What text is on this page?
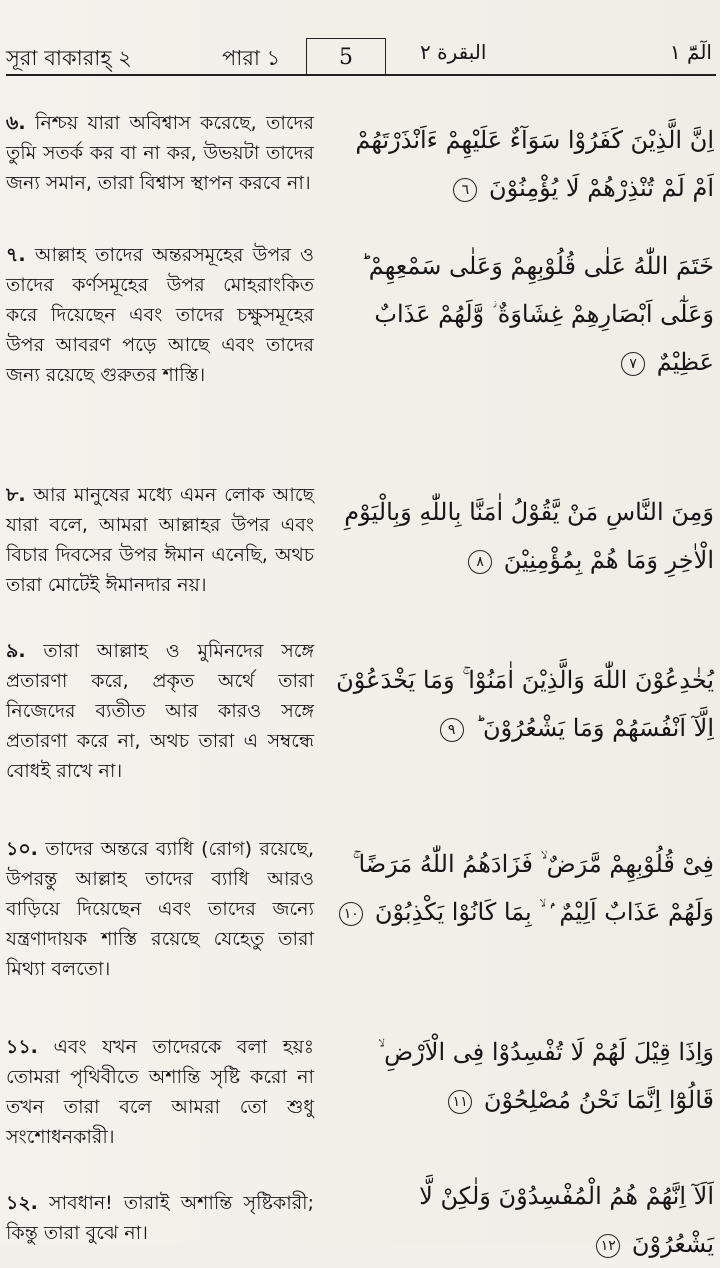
সূরা বাকারাহ্‌ ২	পারা ১	5	البقرة ٢	الٓمّٓ ١
৬. নিশ্চয় যারা অবিশ্বাস করেছে, তাদের তুমি সতর্ক কর বা না কর, উভয়টা তাদের জন্য সমান, তারা বিশ্বাস স্থাপন করবে না।
৭. আল্লাহ তাদের অন্তরসমূহের উপর ও তাদের কর্ণসমূহের উপর মোহরাংকিত করে দিয়েছেন এবং তাদের চক্ষুসমূহের উপর আবরণ পড়ে আছে এবং তাদের জন্য রয়েছে গুরুতর শাস্তি।
৮. আর মানুষের মধ্যে এমন লোক আছে যারা বলে, আমরা আল্লাহর উপর এবং বিচার দিবসের উপর ঈমান এনেছি, অথচ তারা মোটেই ঈমানদার নয়।
৯. তারা আল্লাহ ও মুমিনদের সঙ্গে প্রতারণা করে, প্রকৃত অর্থে তারা নিজেদের ব্যতীত আর কারও সঙ্গে প্রতারণা করে না, অথচ তারা এ সম্বন্ধে বোধই রাখে না।
১০. তাদের অন্তরে ব্যাধি (রোগ) রয়েছে, উপরন্তু আল্লাহ তাদের ব্যাধি আরও বাড়িয়ে দিয়েছেন এবং তাদের জন্যে যন্ত্রণাদায়ক শাস্তি রয়েছে যেহেতু তারা মিথ্যা বলতো।
১১. এবং যখন তাদেরকে বলা হয়ঃ তোমরা পৃথিবীতে অশান্তি সৃষ্টি করো না তখন তারা বলে আমরা তো শুধু সংশোধনকারী।
১২. সাবধান! তারাই অশান্তি সৃষ্টিকারী; কিন্তু তারা বুঝে না।
اِنَّ الَّذِيْنَ كَفَرُوْا سَوَآءٌ عَلَيْهِمْ ءَاَنْذَرْتَهُمْ اَمْ لَمْ تُنْذِرْهُمْ لَا يُؤْمِنُوْنَ ٦
خَتَمَ اللّٰهُ عَلٰى قُلُوْبِهِمْ وَعَلٰى سَمْعِهِمْ ؕ وَعَلٰٓى اَبْصَارِهِمْ غِشَاوَةٌ ؗ وَّلَهُمْ عَذَابٌ عَظِيْمٌ ٧
وَمِنَ النَّاسِ مَنْ يَّقُوْلُ اٰمَنَّا بِاللّٰهِ وَبِالْيَوْمِ الْاٰخِرِ وَمَا هُمْ بِمُؤْمِنِيْنَ ٨
يُخٰدِعُوْنَ اللّٰهَ وَالَّذِيْنَ اٰمَنُوْا ۚ وَمَا يَخْدَعُوْنَ اِلَّآ اَنْفُسَهُمْ وَمَا يَشْعُرُوْنَ ؕ ٩
فِىْ قُلُوْبِهِمْ مَّرَضٌ ۙ فَزَادَهُمُ اللّٰهُ مَرَضًا ۚ وَلَهُمْ عَذَابٌ اَلِيْمٌ ۢ ۙ بِمَا كَانُوْا يَكْذِبُوْنَ ١٠
وَاِذَا قِيْلَ لَهُمْ لَا تُفْسِدُوْا فِى الْاَرْضِ ۙ قَالُوْٓا اِنَّمَا نَحْنُ مُصْلِحُوْنَ ١١
اَلَآ اِنَّهُمْ هُمُ الْمُفْسِدُوْنَ وَلٰكِنْ لَّا يَشْعُرُوْنَ ١٢
